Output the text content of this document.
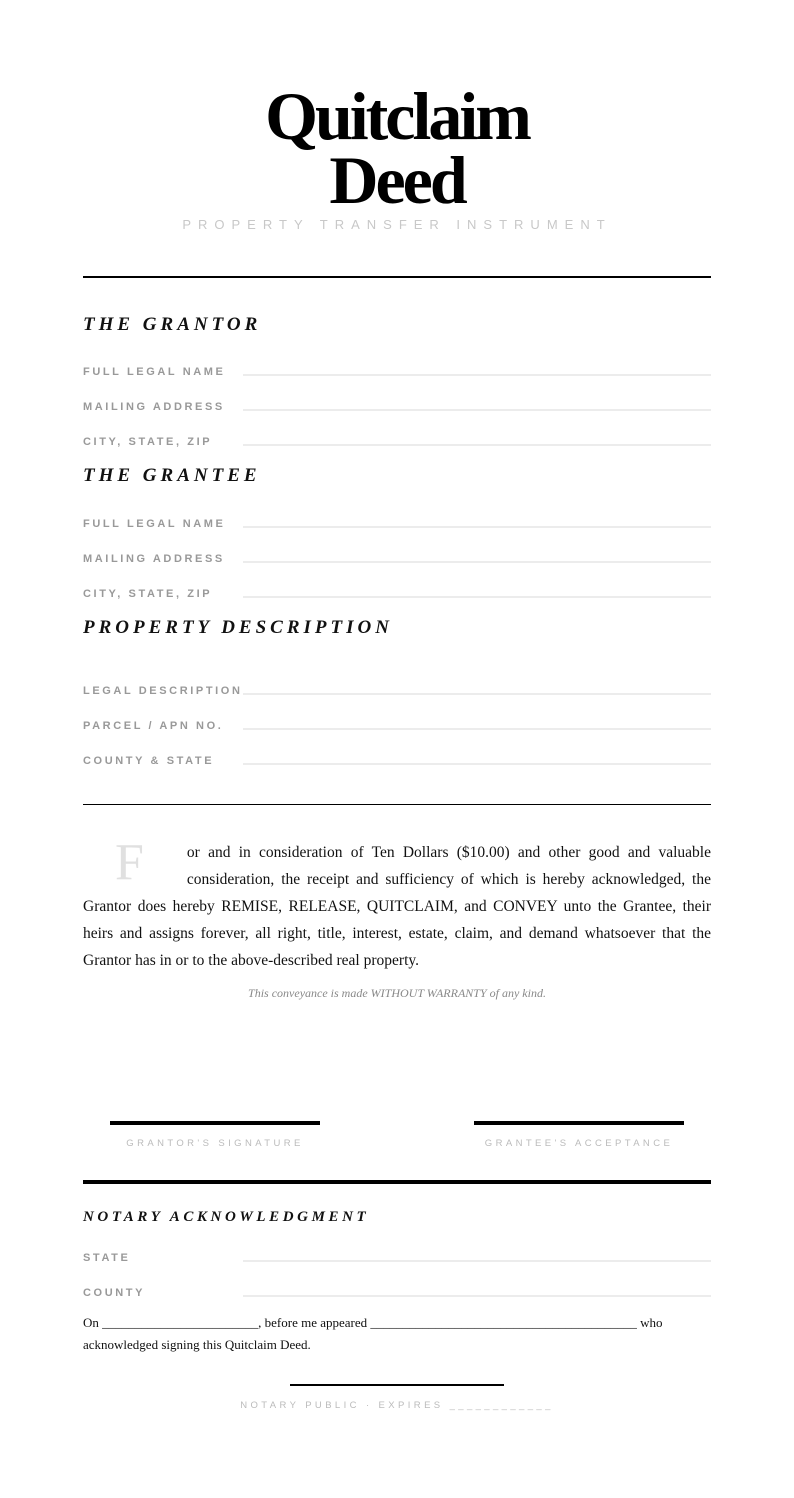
Quitclaim
Deed
PROPERTY TRANSFER INSTRUMENT
THE GRANTOR
FULL LEGAL NAME
MAILING ADDRESS
CITY, STATE, ZIP
THE GRANTEE
FULL LEGAL NAME
MAILING ADDRESS
CITY, STATE, ZIP
PROPERTY DESCRIPTION
LEGAL DESCRIPTION
PARCEL / APN NO.
COUNTY & STATE
F	or and in consideration of Ten Dollars ($10.00) and other good and valuable consideration, the receipt and sufficiency of which is hereby acknowledged, the Grantor does hereby REMISE, RELEASE, QUITCLAIM, and CONVEY unto the Grantee, their heirs and assigns forever, all right, title, interest, estate, claim, and demand whatsoever that the Grantor has in or to the above-described real property.
This conveyance is made WITHOUT WARRANTY of any kind.
GRANTOR'S SIGNATURE	GRANTEE'S ACCEPTANCE
NOTARY ACKNOWLEDGMENT
STATE
COUNTY
On ________________________, before me appeared _________________________________________ who acknowledged signing this Quitclaim Deed.
NOTARY PUBLIC · EXPIRES ____________
